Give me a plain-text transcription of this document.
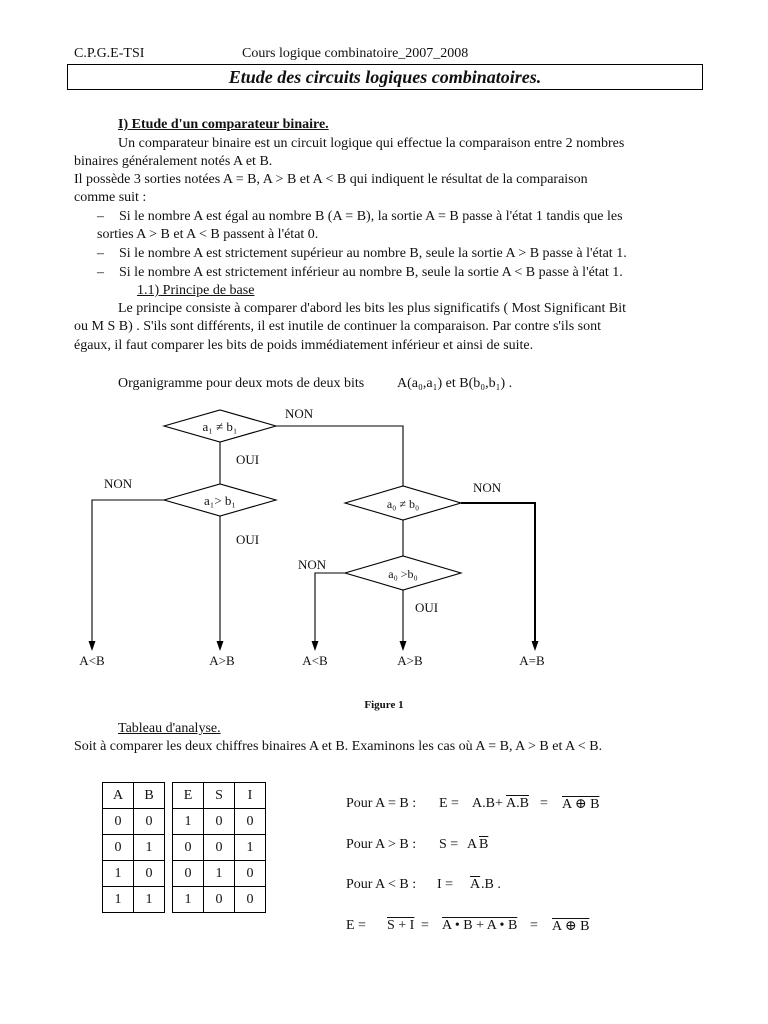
C.P.G.E-TSI	Cours logique combinatoire_2007_2008
Etude des circuits logiques combinatoires.
I) Etude d'un comparateur binaire.
Un comparateur binaire est un circuit logique qui effectue la comparaison entre 2 nombres
binaires généralement notés A et B.
Il possède 3 sorties notées A = B, A > B et A < B qui indiquent le résultat de la comparaison
comme suit :
– Si le nombre A est égal au nombre B (A = B), la sortie A = B passe à l'état 1 tandis que les
sorties A > B et A < B passent à l'état 0.
– Si le nombre A est strictement supérieur au nombre B, seule la sortie A > B passe à l'état 1.
– Si le nombre A est strictement inférieur au nombre B, seule la sortie A < B passe à l'état 1.
1.1) Principe de base
Le principe consiste à comparer d'abord les bits les plus significatifs ( Most Significant Bit
ou M S B) . S'ils sont différents, il est inutile de continuer la comparaison. Par contre s'ils sont
égaux, il faut comparer les bits de poids immédiatement inférieur et ainsi de suite.
Organigramme pour deux mots de deux bits A(a₀,a₁) et B(b₀,b₁) .
a₁ ≠ b₁
a₁> b₁	a₀ ≠ b₀
a₀ >b₀
NON
OUI
NON
OUI
NON
NON
OUI
A<B	A>B	A<B	A>B	A=B
Figure 1
Tableau d'analyse.
Soit à comparer les deux chiffres binaires A et B. Examinons les cas où A = B, A > B et A < B.
A	B
0	0
0	1
1	0
1	1
E	S	I
1	0	0
0	0	1
0	1	0
1	0	0
Pour A = B : E = A.B+ A.B = A ⊕ B
Pour A > B : S = A $\overline{B}$
Pour A < B : $I = \overline{A}$ .B .
E = S + I = A • B + A • B = A ⊕ B
